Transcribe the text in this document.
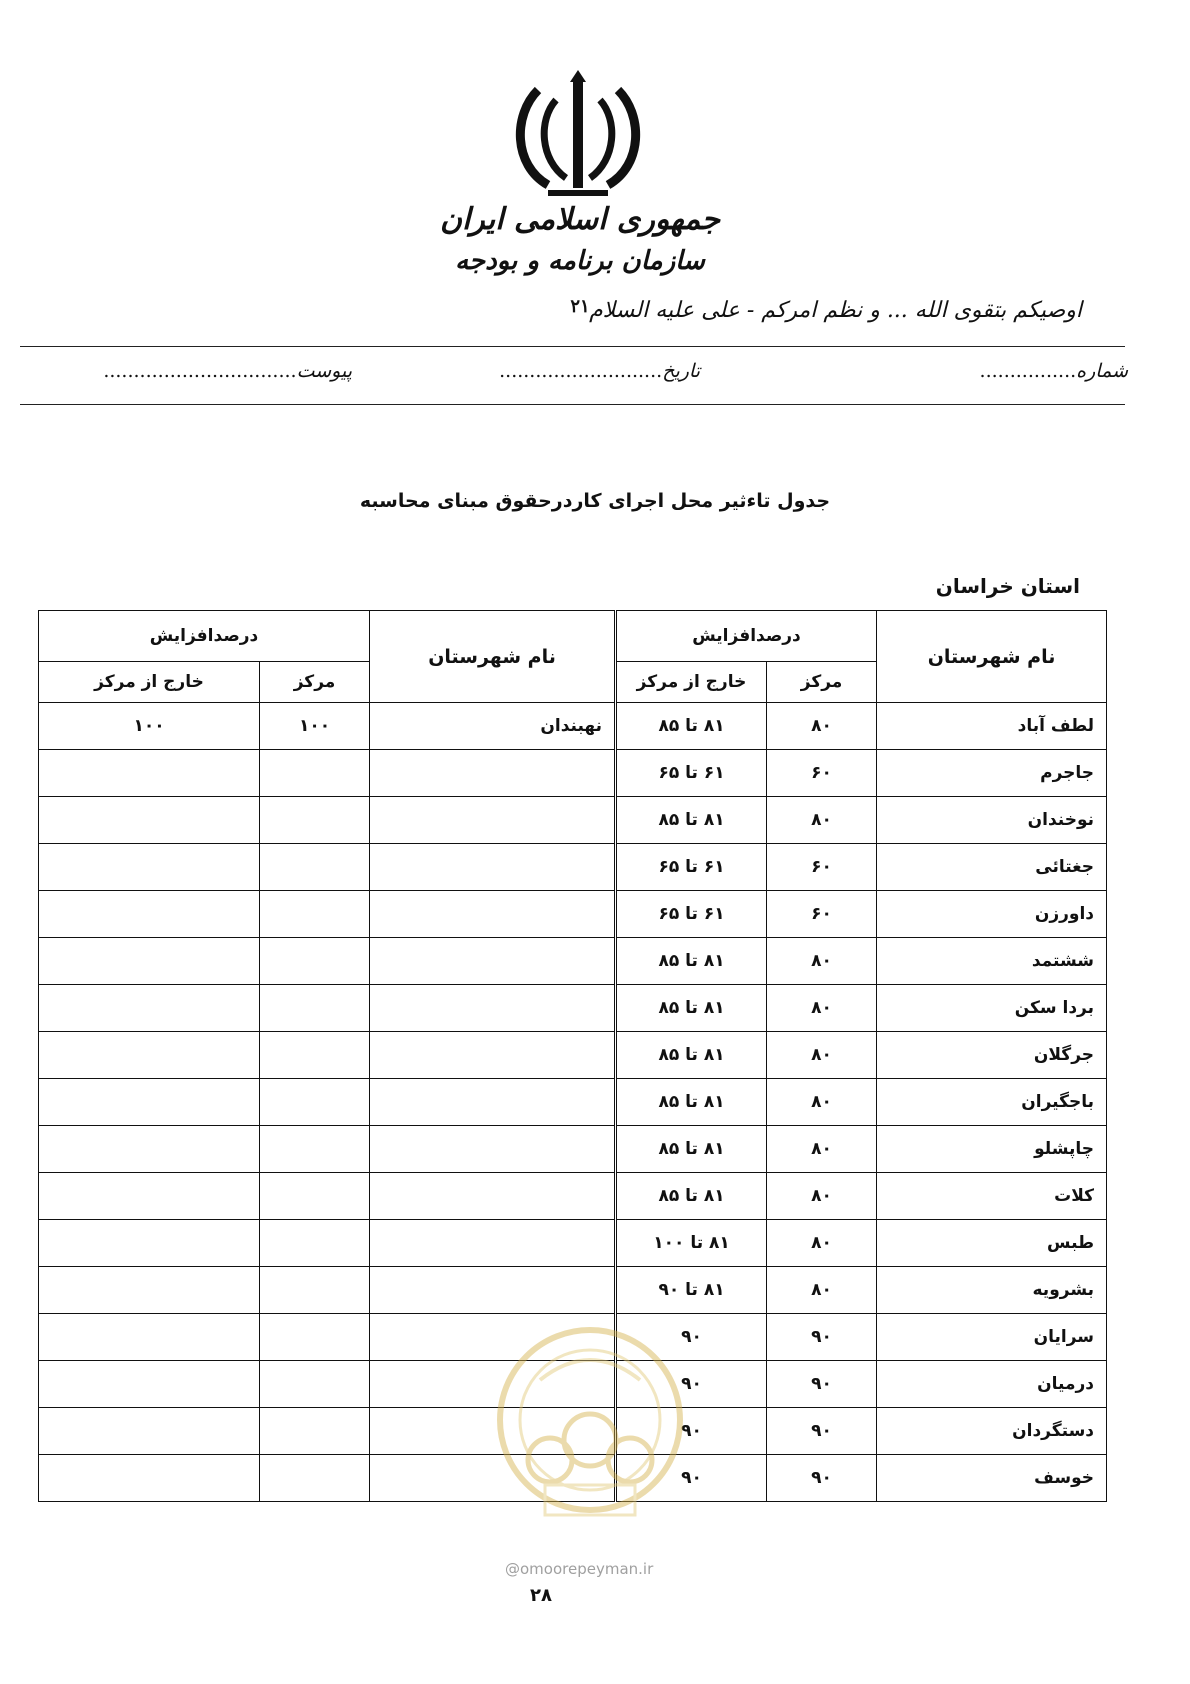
جمهوری اسلامی ایران
سازمان برنامه و بودجه
۲۱ اوصیکم بتقوی الله ... و نظم امرکم - علی علیه السلام
شماره................
تاریخ...........................
پیوست................................
جدول تاءثیر محل اجرای کاردرحقوق مبنای محاسبه
استان خراسان
نام شهرستان	درصدافزایش			نام شهرستان	درصدافزایش	
	مرکز	خارج از مرکز			مرکز	خارج از مرکز
لطف آباد	۸۰	۸۱ تا ۸۵		نهبندان	۱۰۰	۱۰۰
جاجرم	۶۰	۶۱ تا ۶۵				
نوخندان	۸۰	۸۱ تا ۸۵				
جغتائی	۶۰	۶۱ تا ۶۵				
داورزن	۶۰	۶۱ تا ۶۵				
ششتمد	۸۰	۸۱ تا ۸۵				
بردا سکن	۸۰	۸۱ تا ۸۵				
جرگلان	۸۰	۸۱ تا ۸۵				
باجگیران	۸۰	۸۱ تا ۸۵				
چاپشلو	۸۰	۸۱ تا ۸۵				
کلات	۸۰	۸۱ تا ۸۵				
طبس	۸۰	۸۱ تا ۱۰۰				
بشرویه	۸۰	۸۱ تا ۹۰				
سرایان	۹۰	۹۰				
درمیان	۹۰	۹۰				
دستگردان	۹۰	۹۰				
خوسف	۹۰	۹۰				
@omoorepeyman.ir
۲۸
